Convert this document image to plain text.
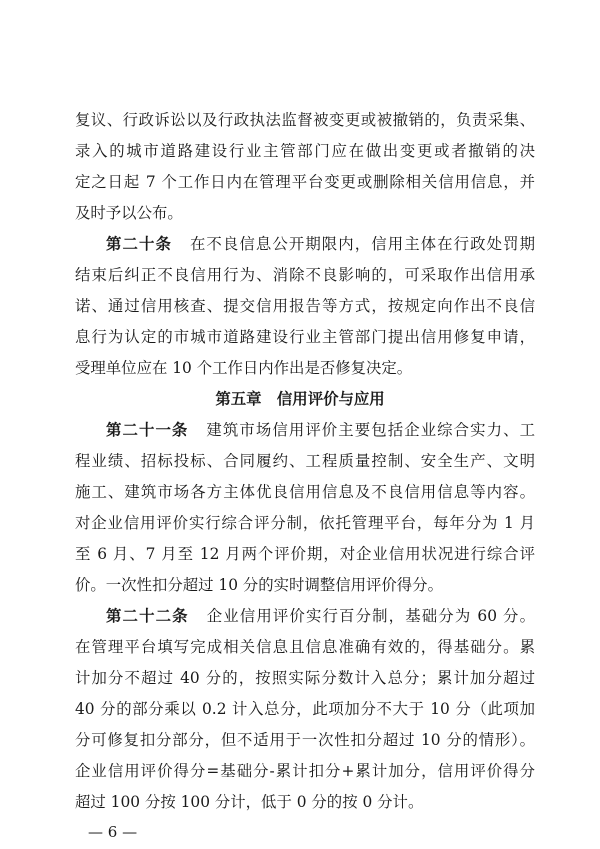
复议、行政诉讼以及行政执法监督被变更或被撤销的，负责采集、
录入的城市道路建设行业主管部门应在做出变更或者撤销的决
定之日起 7 个工作日内在管理平台变更或删除相关信用信息，并
及时予以公布。
第二十条 在不良信息公开期限内，信用主体在行政处罚期
结束后纠正不良信用行为、消除不良影响的，可采取作出信用承
诺、通过信用核查、提交信用报告等方式，按规定向作出不良信
息行为认定的市城市道路建设行业主管部门提出信用修复申请，
受理单位应在 10 个工作日内作出是否修复决定。
第五章　信用评价与应用
第二十一条 建筑市场信用评价主要包括企业综合实力、工
程业绩、招标投标、合同履约、工程质量控制、安全生产、文明
施工、建筑市场各方主体优良信用信息及不良信用信息等内容。
对企业信用评价实行综合评分制，依托管理平台，每年分为 1 月
至 6 月、7 月至 12 月两个评价期，对企业信用状况进行综合评
价。一次性扣分超过 10 分的实时调整信用评价得分。
第二十二条 企业信用评价实行百分制，基础分为 60 分。
在管理平台填写完成相关信息且信息准确有效的，得基础分。累
计加分不超过 40 分的，按照实际分数计入总分；累计加分超过
40 分的部分乘以 0.2 计入总分，此项加分不大于 10 分（此项加
分可修复扣分部分，但不适用于一次性扣分超过 10 分的情形）。
企业信用评价得分=基础分-累计扣分+累计加分，信用评价得分
超过 100 分按 100 分计，低于 0 分的按 0 分计。
— 6 —
